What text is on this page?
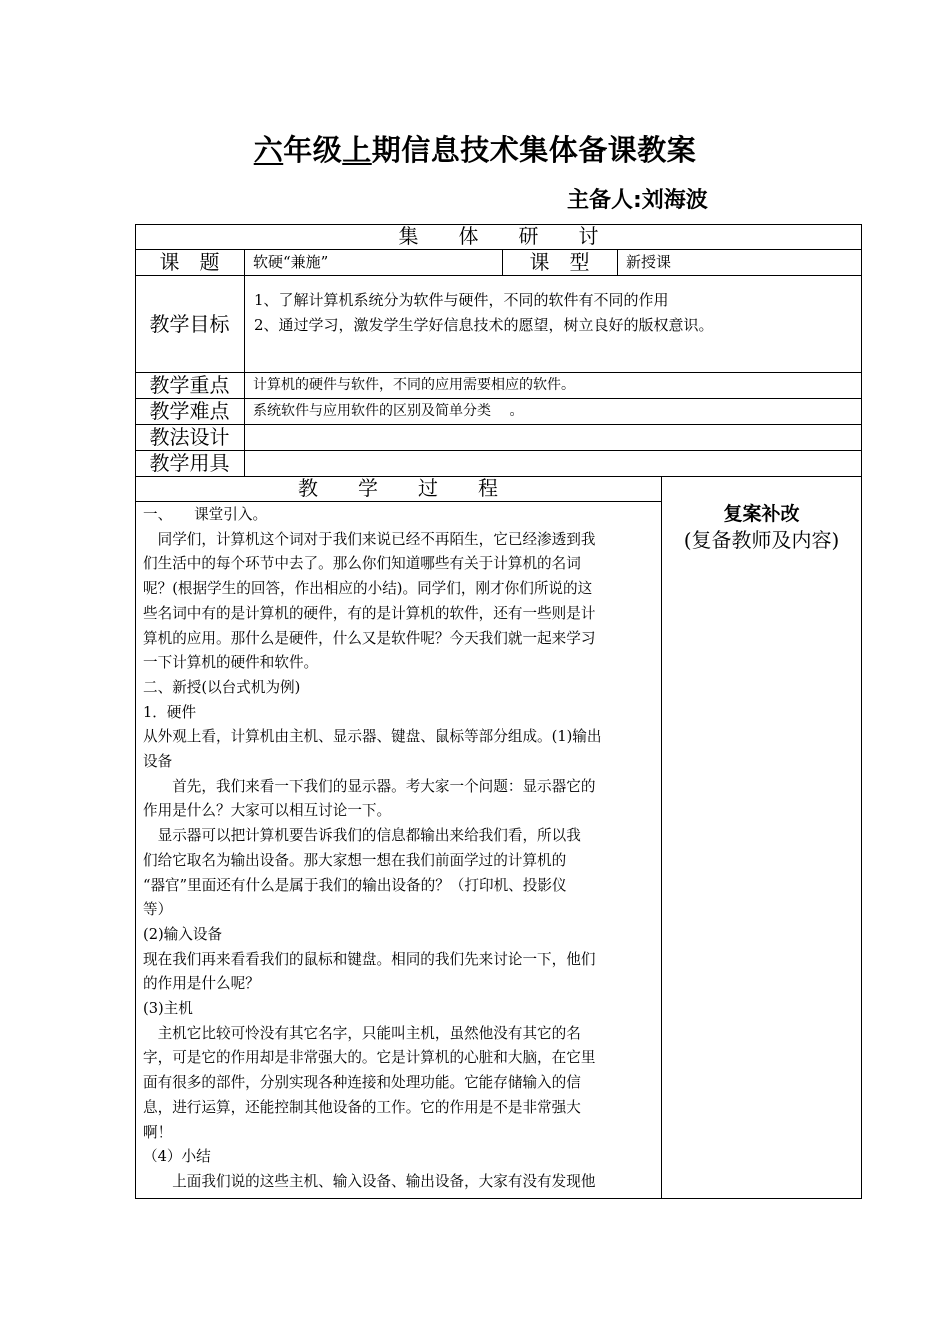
六年级上期信息技术集体备课教案
主备人:刘海波
集　　体　　研　　讨
课　题	软硬“兼施”	课　型	新授课
教学目标
1、了解计算机系统分为软件与硬件，不同的软件有不同的作用
2、通过学习，激发学生学好信息技术的愿望，树立良好的版权意识。
教学重点	计算机的硬件与软件，不同的应用需要相应的软件。
教学难点	系统软件与应用软件的区别及简单分类　 。
教法设计
教学用具
教　　学　　过　　程
复案补改
(复备教师及内容)
一、　　课堂引入。
　同学们，计算机这个词对于我们来说已经不再陌生，它已经渗透到我
们生活中的每个环节中去了。那么你们知道哪些有关于计算机的名词
呢？(根据学生的回答，作出相应的小结)。同学们，刚才你们所说的这
些名词中有的是计算机的硬件，有的是计算机的软件，还有一些则是计
算机的应用。那什么是硬件，什么又是软件呢？今天我们就一起来学习
一下计算机的硬件和软件。
二、新授(以台式机为例)
1．硬件
从外观上看，计算机由主机、显示器、键盘、鼠标等部分组成。(1)输出
设备
　　首先，我们来看一下我们的显示器。考大家一个问题：显示器它的
作用是什么？大家可以相互讨论一下。
　显示器可以把计算机要告诉我们的信息都输出来给我们看，所以我
们给它取名为输出设备。那大家想一想在我们前面学过的计算机的
“器官”里面还有什么是属于我们的输出设备的？（打印机、投影仪
等）
(2)输入设备
现在我们再来看看我们的鼠标和键盘。相同的我们先来讨论一下，他们
的作用是什么呢？
(3)主机
　主机它比较可怜没有其它名字，只能叫主机，虽然他没有其它的名
字，可是它的作用却是非常强大的。它是计算机的心脏和大脑，在它里
面有很多的部件，分别实现各种连接和处理功能。它能存储输入的信
息，进行运算，还能控制其他设备的工作。它的作用是不是非常强大
啊！
（4）小结
　　上面我们说的这些主机、输入设备、输出设备，大家有没有发现他
